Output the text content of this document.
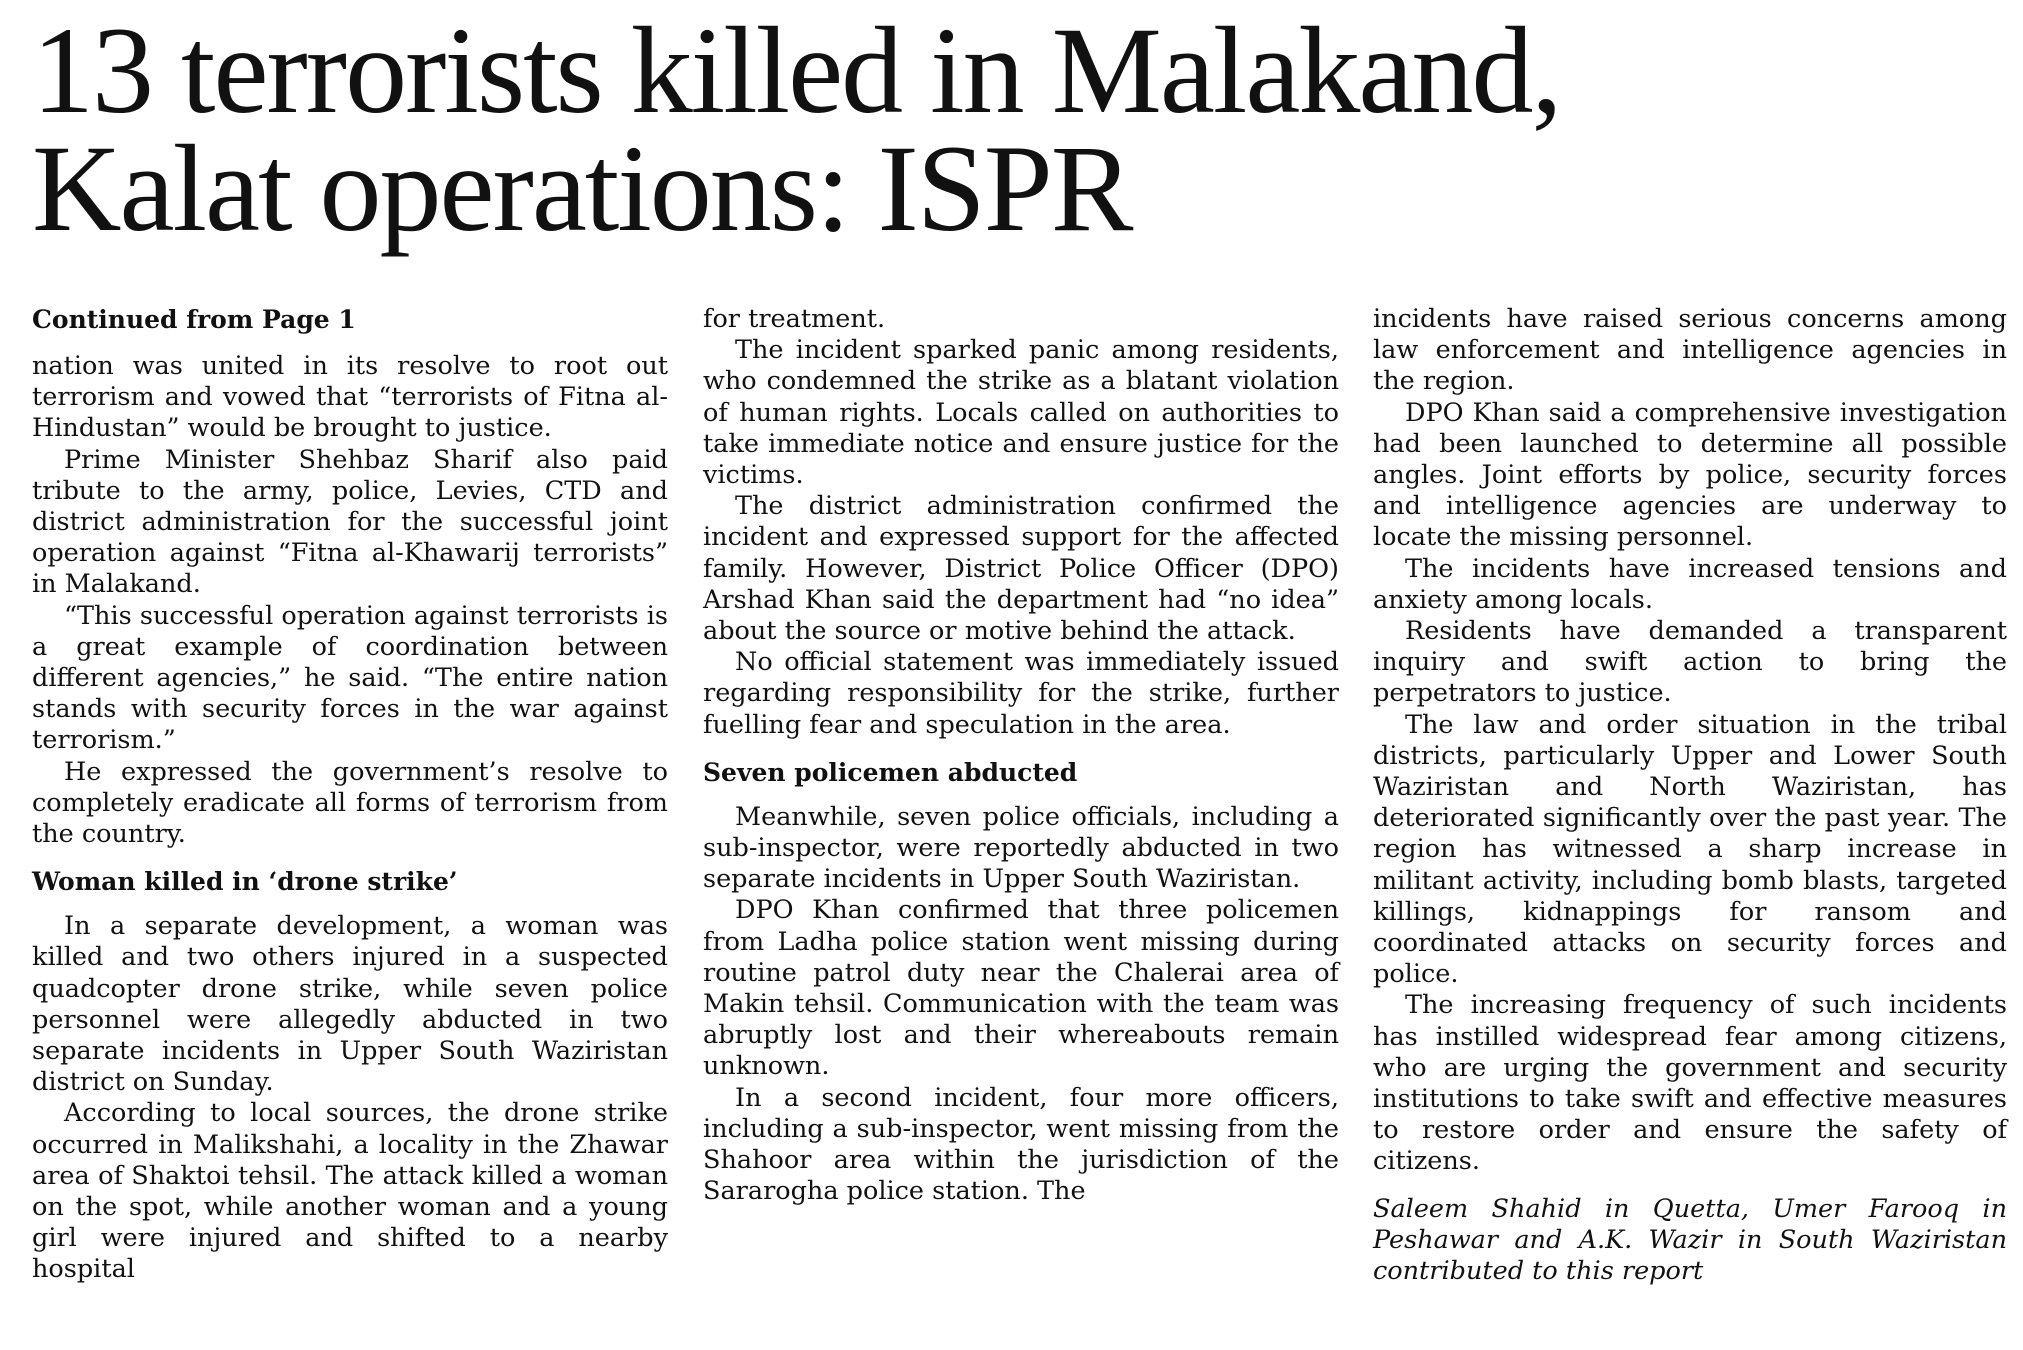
13 terrorists killed in Malakand,
Kalat operations: ISPR
Continued from Page 1

nation was united in its resolve to root out terrorism and vowed that “terrorists of Fitna al-Hindustan” would be brought to justice.

Prime Minister Shehbaz Sharif also paid tribute to the army, police, Levies, CTD and district administration for the successful joint operation against “Fitna al-Khawarij terrorists” in Malakand.

“This successful operation against terrorists is a great example of coordination between different agencies,” he said. “The entire nation stands with security forces in the war against terrorism.”

He expressed the government’s resolve to completely eradicate all forms of terrorism from the country.

Woman killed in ‘drone strike’

In a separate development, a woman was killed and two others injured in a suspected quadcopter drone strike, while seven police personnel were allegedly abducted in two separate incidents in Upper South Waziristan district on Sunday.

According to local sources, the drone strike occurred in Malikshahi, a locality in the Zhawar area of Shaktoi tehsil. The attack killed a woman on the spot, while another woman and a young girl were injured and shifted to a nearby hospital

for treatment.

The incident sparked panic among residents, who condemned the strike as a blatant violation of human rights. Locals called on authorities to take immediate notice and ensure justice for the victims.

The district administration confirmed the incident and expressed support for the affected family. However, District Police Officer (DPO) Arshad Khan said the department had “no idea” about the source or motive behind the attack.

No official statement was immediately issued regarding responsibility for the strike, further fuelling fear and speculation in the area.

Seven policemen abducted

Meanwhile, seven police officials, including a sub-inspector, were reportedly abducted in two separate incidents in Upper South Waziristan.

DPO Khan confirmed that three policemen from Ladha police station went missing during routine patrol duty near the Chalerai area of Makin tehsil. Communication with the team was abruptly lost and their whereabouts remain unknown.

In a second incident, four more officers, including a sub-inspector, went missing from the Shahoor area within the jurisdiction of the Sararogha police station. The

incidents have raised serious concerns among law enforcement and intelligence agencies in the region.

DPO Khan said a comprehensive investigation had been launched to determine all possible angles. Joint efforts by police, security forces and intelligence agencies are underway to locate the missing personnel.

The incidents have increased tensions and anxiety among locals.

Residents have demanded a transparent inquiry and swift action to bring the perpetrators to justice.

The law and order situation in the tribal districts, particularly Upper and Lower South Waziristan and North Waziristan, has deteriorated significantly over the past year. The region has witnessed a sharp increase in militant activity, including bomb blasts, targeted killings, kidnappings for ransom and coordinated attacks on security forces and police.

The increasing frequency of such incidents has instilled widespread fear among citizens, who are urging the government and security institutions to take swift and effective measures to restore order and ensure the safety of citizens.

Saleem Shahid in Quetta, Umer Farooq in Peshawar and A.K. Wazir in South Waziristan contributed to this report
